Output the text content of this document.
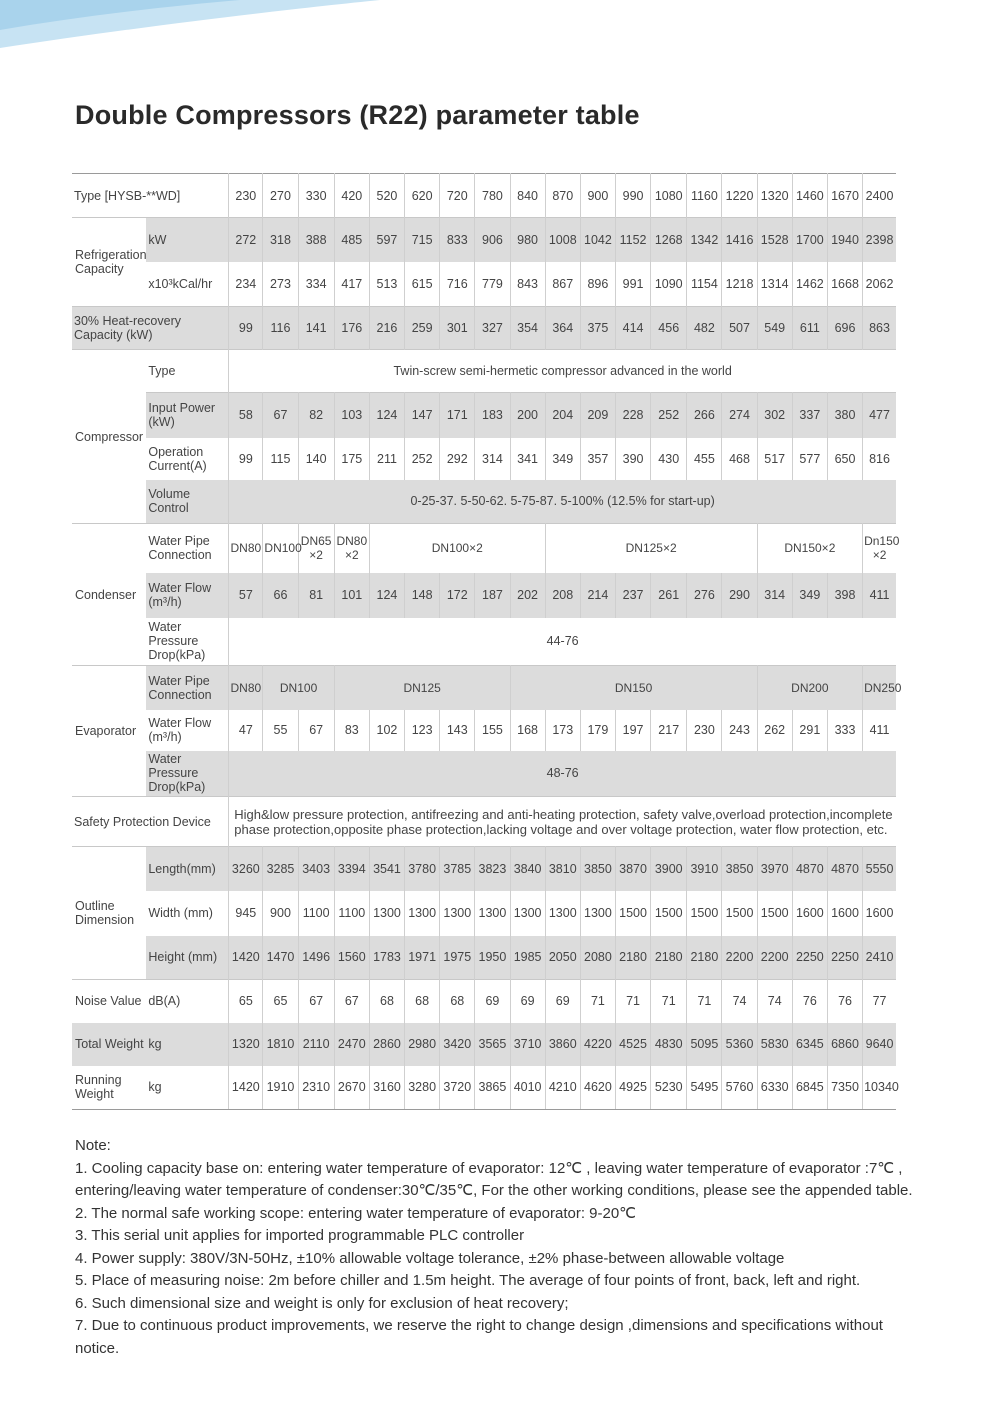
Double Compressors (R22) parameter table
Type [HYSB-**WD]		230	270	330	420	520	620	720	780	840	870	900	990	1080	1160	1220	1320	1460	1670	2400
Refrigeration Capacity	kW	272	318	388	485	597	715	833	906	980	1008	1042	1152	1268	1342	1416	1528	1700	1940	2398
	x10³kCal/hr	234	273	334	417	513	615	716	779	843	867	896	991	1090	1154	1218	1314	1462	1668	2062
30% Heat-recovery Capacity (kW)		99	116	141	176	216	259	301	327	354	364	375	414	456	482	507	549	611	696	863
Compressor	Type	Twin-screw semi-hermetic compressor advanced in the world																		
	Input Power (kW)	58	67	82	103	124	147	171	183	200	204	209	228	252	266	274	302	337	380	477
	Operation Current(A)	99	115	140	175	211	252	292	314	341	349	357	390	430	455	468	517	577	650	816
	Volume Control	0-25-37. 5-50-62. 5-75-87. 5-100% (12.5% for start-up)																		
Condenser	Water Pipe Connection	DN80	DN100	DN65 ×2	DN80 ×2	DN100×2					DN125×2						DN150×2			Dn150 ×2
	Water Flow (m³/h)	57	66	81	101	124	148	172	187	202	208	214	237	261	276	290	314	349	398	411
	Water Pressure Drop(kPa)	44-76																		
Evaporator	Water Pipe Connection	DN80	DN100		DN125					DN150							DN200			DN250
	Water Flow (m³/h)	47	55	67	83	102	123	143	155	168	173	179	197	217	230	243	262	291	333	411
	Water Pressure Drop(kPa)	48-76																		
Safety Protection Device		High&low pressure protection, antifreezing and anti-heating protection, safety valve,overload protection,incomplete phase protection,opposite phase protection,lacking voltage and over voltage protection, water flow protection, etc.																		
Outline Dimension	Length(mm)	3260	3285	3403	3394	3541	3780	3785	3823	3840	3810	3850	3870	3900	3910	3850	3970	4870	4870	5550
	Width (mm)	945	900	1100	1100	1300	1300	1300	1300	1300	1300	1300	1500	1500	1500	1500	1500	1600	1600	1600
	Height (mm)	1420	1470	1496	1560	1783	1971	1975	1950	1985	2050	2080	2180	2180	2180	2200	2200	2250	2250	2410
Noise Value	dB(A)	65	65	67	67	68	68	68	69	69	69	71	71	71	71	74	74	76	76	77
Total Weight	kg	1320	1810	2110	2470	2860	2980	3420	3565	3710	3860	4220	4525	4830	5095	5360	5830	6345	6860	9640
Running Weight	kg	1420	1910	2310	2670	3160	3280	3720	3865	4010	4210	4620	4925	5230	5495	5760	6330	6845	7350	10340
Note:
1. Cooling capacity base on: entering water temperature of evaporator: 12℃ , leaving water temperature of evaporator :7℃ , entering/leaving water temperature of condenser:30℃/35℃, For the other working conditions, please see the appended table.
2. The normal safe working scope: entering water temperature of evaporator: 9-20℃
3. This serial unit applies for imported programmable PLC controller
4. Power supply: 380V/3N-50Hz, ±10% allowable voltage tolerance, ±2% phase-between allowable voltage
5. Place of measuring noise: 2m before chiller and 1.5m height. The average of four points of front, back, left and right.
6. Such dimensional size and weight is only for exclusion of heat recovery;
7. Due to continuous product improvements, we reserve the right to change design ,dimensions and specifications without notice.
